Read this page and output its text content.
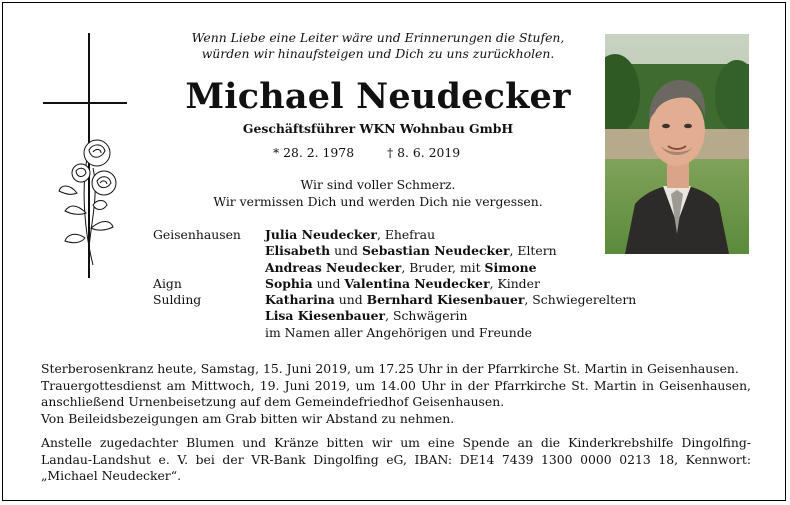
Wenn Liebe eine Leiter wäre und Erinnerungen die Stufen,
würden wir hinaufsteigen und Dich zu uns zurückholen.
Michael Neudecker
Geschäftsführer WKN Wohnbau GmbH
* 28. 2. 1978	† 8. 6. 2019
Wir sind voller Schmerz.
Wir vermissen Dich und werden Dich nie vergessen.
Geisenhausen Julia Neudecker, Ehefrau
Elisabeth und Sebastian Neudecker, Eltern
Andreas Neudecker, Bruder, mit Simone
Aign	Sophia und Valentina Neudecker, Kinder
Sulding	Katharina und Bernhard Kiesenbauer, Schwiegereltern
Lisa Kiesenbauer, Schwägerin
im Namen aller Angehörigen und Freunde
Sterberosenkranz heute, Samstag, 15. Juni 2019, um 17.25 Uhr in der Pfarrkirche St. Martin in Geisenhausen.
Trauergottesdienst am Mittwoch, 19. Juni 2019, um 14.00 Uhr in der Pfarrkirche St. Martin in Geisenhausen,
anschließend Urnenbeisetzung auf dem Gemeindefriedhof Geisenhausen.
Von Beileidsbezeigungen am Grab bitten wir Abstand zu nehmen.
Anstelle zugedachter Blumen und Kränze bitten wir um eine Spende an die Kinderkrebshilfe Dingolfing-
Landau-Landshut e. V. bei der VR-Bank Dingolfing eG, IBAN: DE14 7439 1300 0000 0213 18, Kennwort:
„Michael Neudecker“.
